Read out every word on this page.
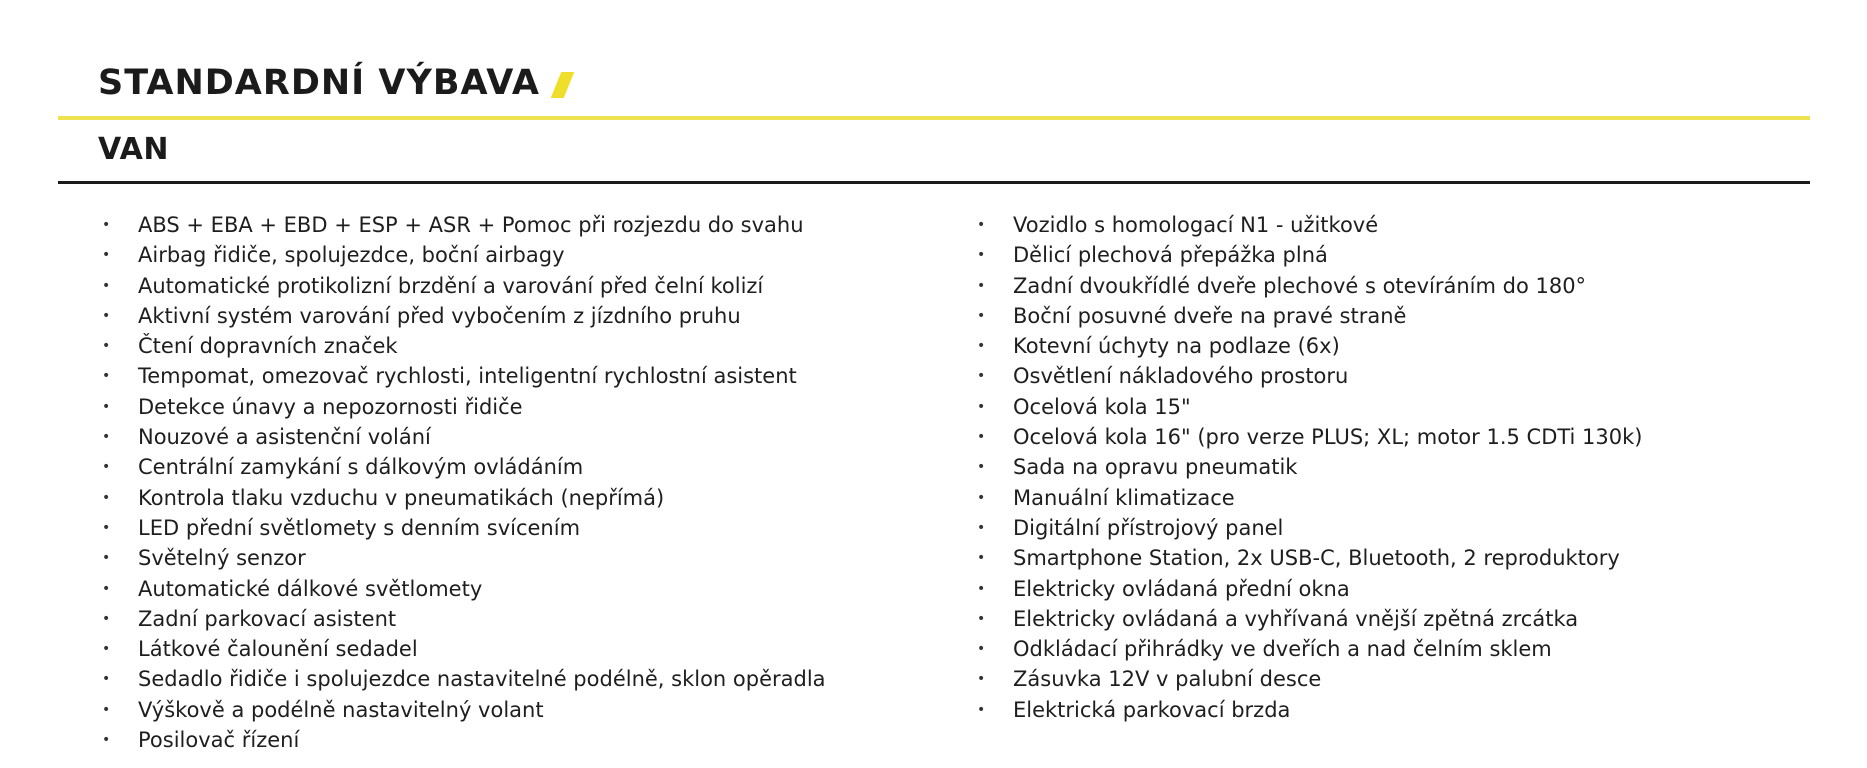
STANDARDNÍ VÝBAVA
VAN
• ABS + EBA + EBD + ESP + ASR + Pomoc při rozjezdu do svahu
• Airbag řidiče, spolujezdce, boční airbagy
• Automatické protikolizní brzdění a varování před čelní kolizí
• Aktivní systém varování před vybočením z jízdního pruhu
• Čtení dopravních značek
• Tempomat, omezovač rychlosti, inteligentní rychlostní asistent
• Detekce únavy a nepozornosti řidiče
• Nouzové a asistenční volání
• Centrální zamykání s dálkovým ovládáním
• Kontrola tlaku vzduchu v pneumatikách (nepřímá)
• LED přední světlomety s denním svícením
• Světelný senzor
• Automatické dálkové světlomety
• Zadní parkovací asistent
• Látkové čalounění sedadel
• Sedadlo řidiče i spolujezdce nastavitelné podélně, sklon opěradla
• Výškově a podélně nastavitelný volant
• Posilovač řízení
• Vozidlo s homologací N1 - užitkové
• Dělicí plechová přepážka plná
• Zadní dvoukřídlé dveře plechové s otevíráním do 180°
• Boční posuvné dveře na pravé straně
• Kotevní úchyty na podlaze (6x)
• Osvětlení nákladového prostoru
• Ocelová kola 15"
• Ocelová kola 16" (pro verze PLUS; XL; motor 1.5 CDTi 130k)
• Sada na opravu pneumatik
• Manuální klimatizace
• Digitální přístrojový panel
• Smartphone Station, 2x USB-C, Bluetooth, 2 reproduktory
• Elektricky ovládaná přední okna
• Elektricky ovládaná a vyhřívaná vnější zpětná zrcátka
• Odkládací přihrádky ve dveřích a nad čelním sklem
• Zásuvka 12V v palubní desce
• Elektrická parkovací brzda
